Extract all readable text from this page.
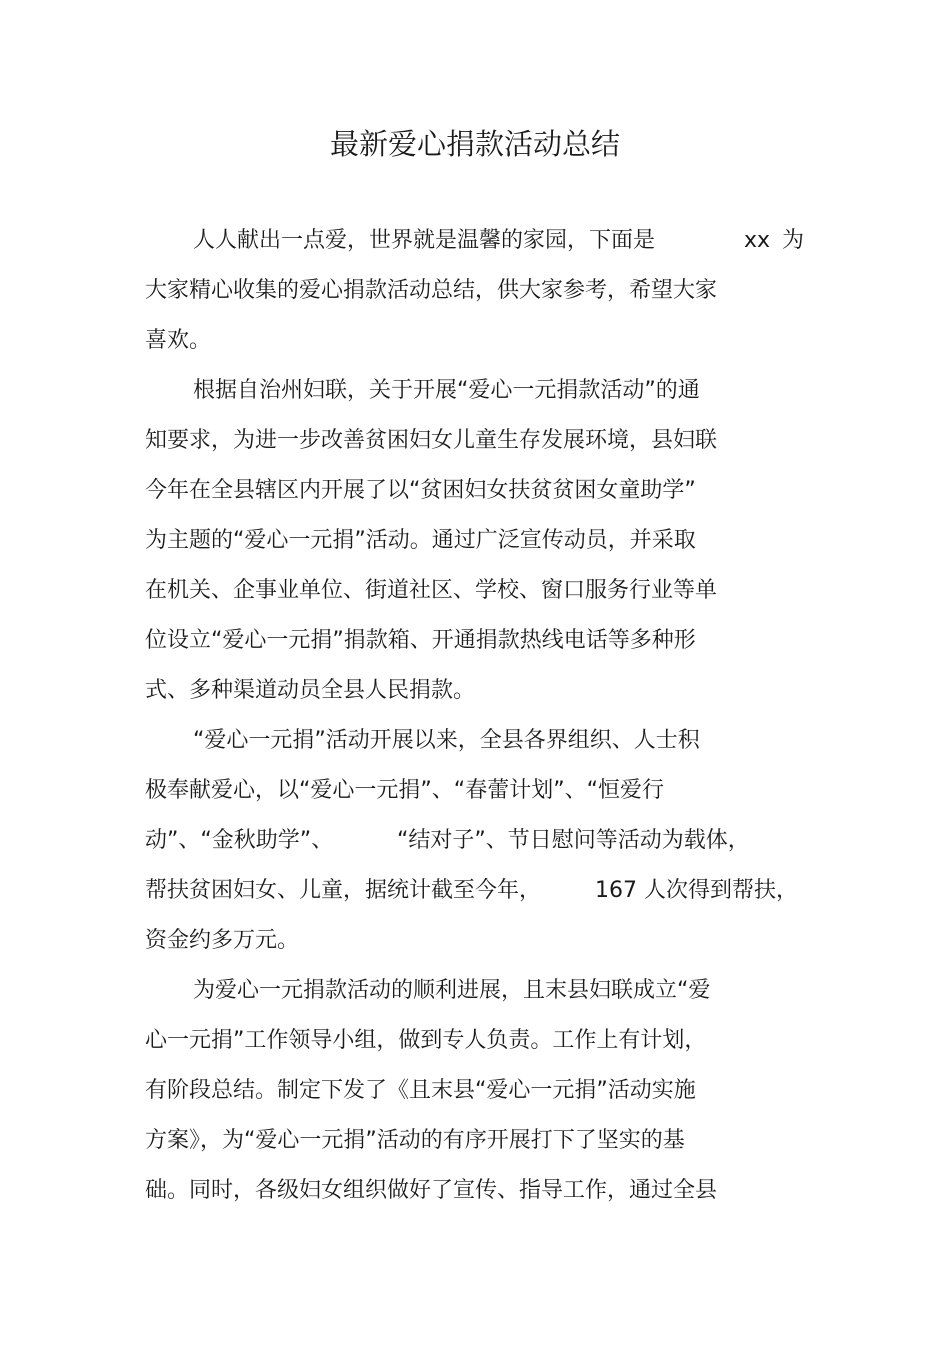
最新爱心捐款活动总结
人人献出一点爱，世界就是温馨的家园，下面是	xx 为
大家精心收集的爱心捐款活动总结，供大家参考，希望大家
喜欢。
根据自治州妇联，关于开展“爱心一元捐款活动”的通
知要求，为进一步改善贫困妇女儿童生存发展环境，县妇联
今年在全县辖区内开展了以“贫困妇女扶贫贫困女童助学”
为主题的“爱心一元捐”活动。通过广泛宣传动员，并采取
在机关、企事业单位、街道社区、学校、窗口服务行业等单
位设立“爱心一元捐”捐款箱、开通捐款热线电话等多种形
式、多种渠道动员全县人民捐款。
“爱心一元捐”活动开展以来，全县各界组织、人士积
极奉献爱心，以“爱心一元捐”、“春蕾计划”、“恒爱行
动”、“金秋助学”、	“结对子”、节日慰问等活动为载体，
帮扶贫困妇女、儿童，据统计截至今年， 167 人次得到帮扶，
资金约多万元。
为爱心一元捐款活动的顺利进展，且末县妇联成立“爱
心一元捐”工作领导小组，做到专人负责。工作上有计划，
有阶段总结。制定下发了《且末县“爱心一元捐”活动实施
方案》，为“爱心一元捐”活动的有序开展打下了坚实的基
础。同时，各级妇女组织做好了宣传、指导工作，通过全县
